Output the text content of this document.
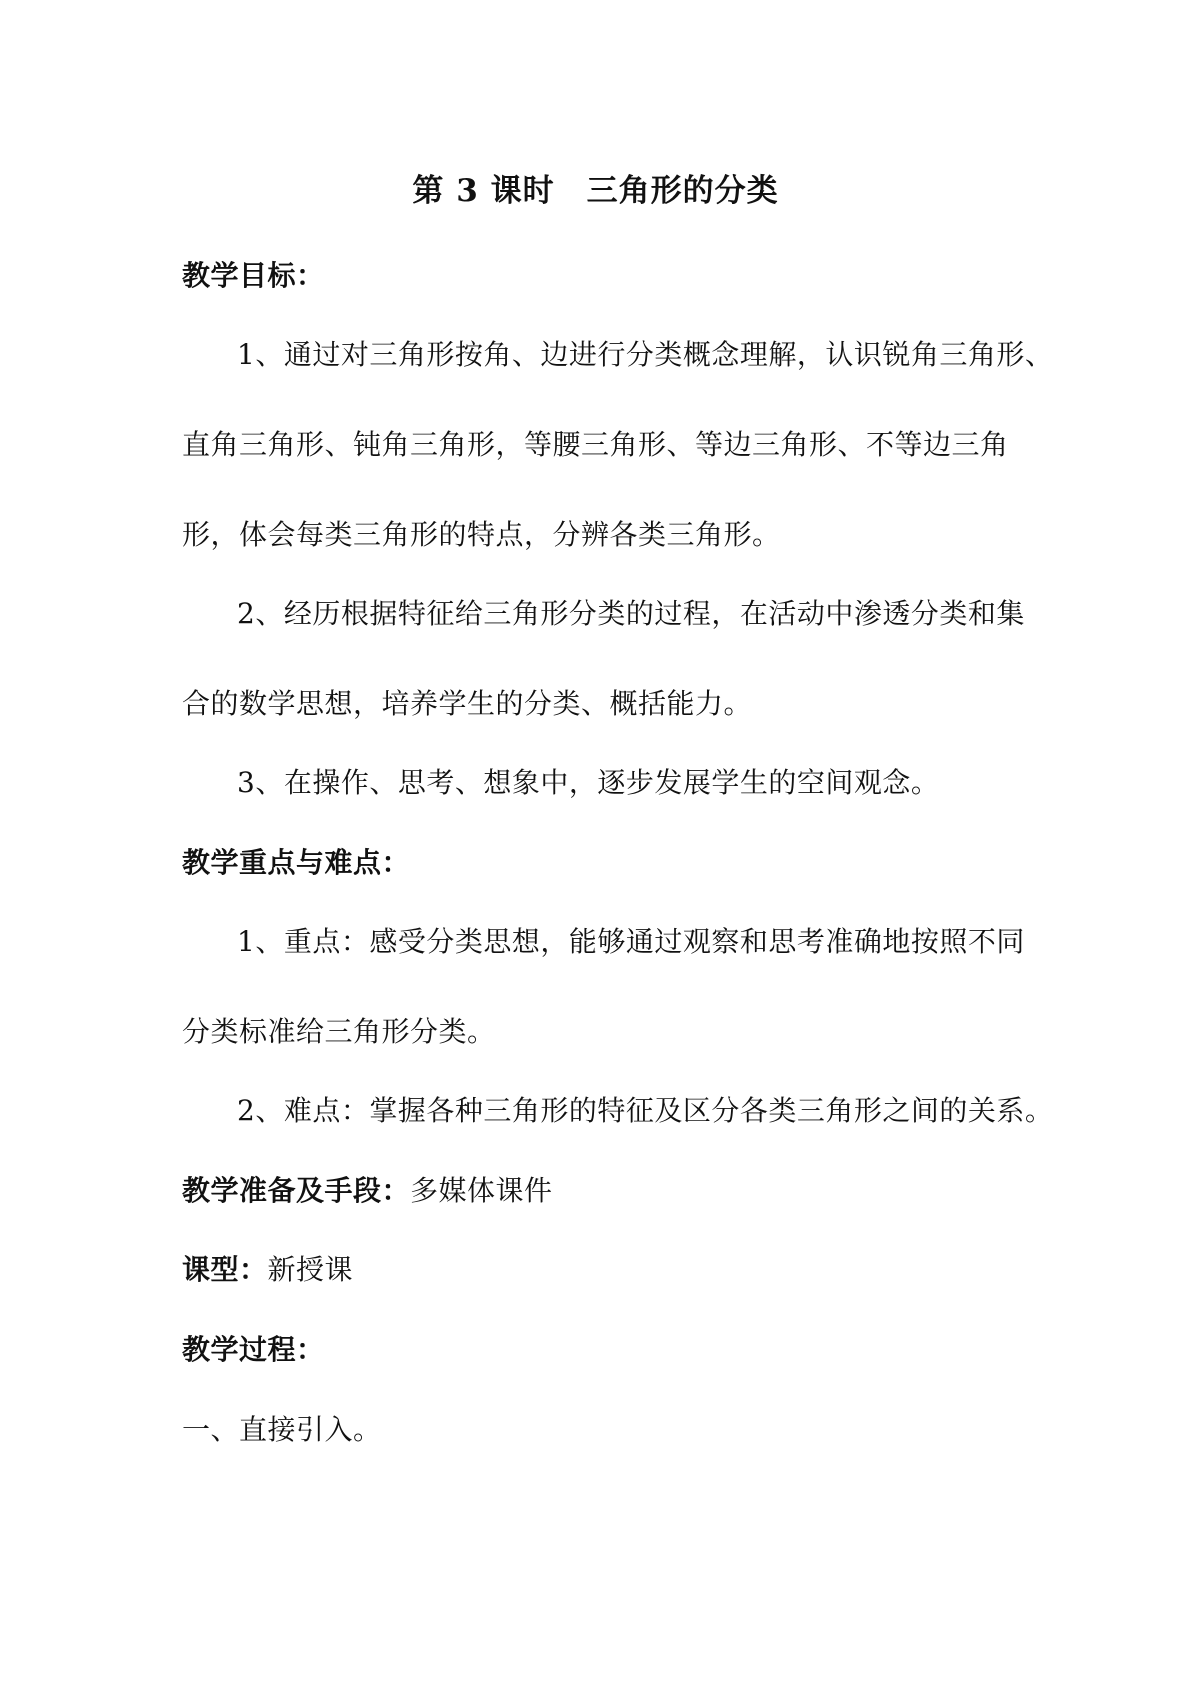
第 3 课时　三角形的分类
教学目标：
1、通过对三角形按角、边进行分类概念理解，认识锐角三角形、
直角三角形、钝角三角形，等腰三角形、等边三角形、不等边三角
形，体会每类三角形的特点，分辨各类三角形。
2、经历根据特征给三角形分类的过程，在活动中渗透分类和集
合的数学思想，培养学生的分类、概括能力。
3、在操作、思考、想象中，逐步发展学生的空间观念。
教学重点与难点：
1、重点：感受分类思想，能够通过观察和思考准确地按照不同
分类标准给三角形分类。
2、难点：掌握各种三角形的特征及区分各类三角形之间的关系。
教学准备及手段：多媒体课件
课型：新授课
教学过程：
一、直接引入。
